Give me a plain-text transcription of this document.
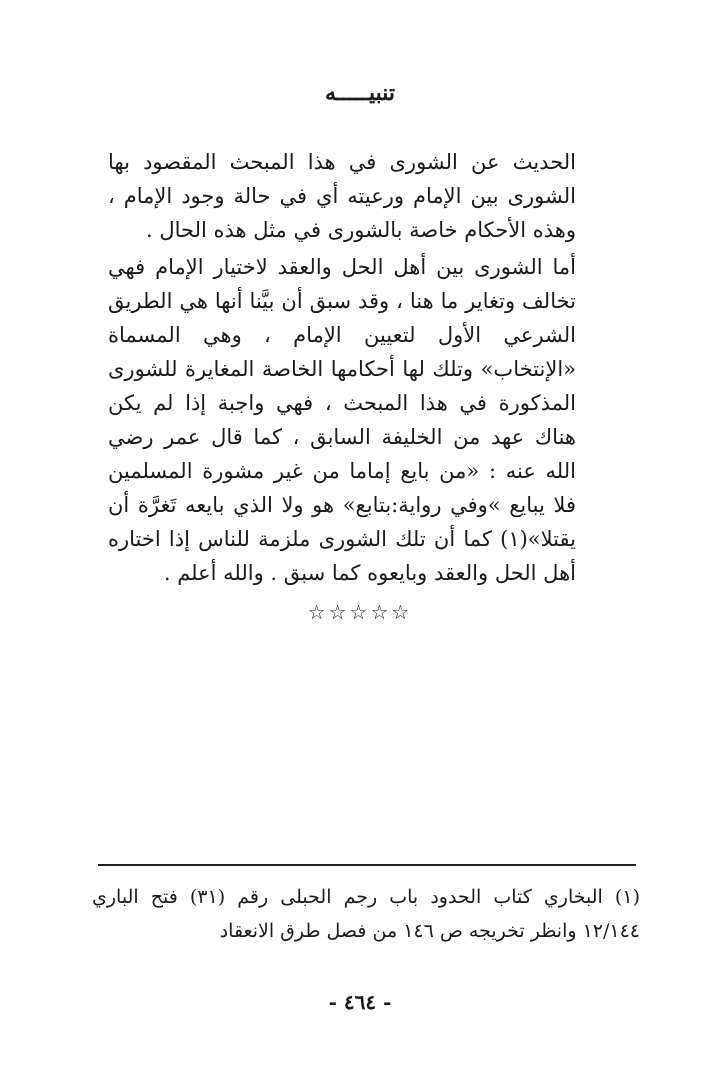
تنبيـــــه

الحديث عن الشورى في هذا المبحث المقصود بها الشورى بين الإمام ورعيته أي في حالة وجود الإمام ، وهذه الأحكام خاصة بالشورى في مثل هذه الحال .

أما الشورى بين أهل الحل والعقد لاختيار الإمام فهي تخالف وتغاير ما هنا ، وقد سبق أن بيَّنا أنها هي الطريق الشرعي الأول لتعيين الإمام ، وهي المسماة «الإنتخاب» وتلك لها أحكامها الخاصة المغايرة للشورى المذكورة في هذا المبحث ، فهي واجبة إذا لم يكن هناك عهد من الخليفة السابق ، كما قال عمر رضي الله عنه : «من بايع إماما من غير مشورة المسلمين فلا يبايع »وفي رواية:بتابع» هو ولا الذي بايعه تَغرَّة أن يقتلا»(١) كما أن تلك الشورى ملزمة للناس إذا اختاره أهل الحل والعقد وبايعوه كما سبق . والله أعلم .

☆☆☆☆☆

(١) البخاري كتاب الحدود باب رجم الحبلى رقم (٣١) فتح الباري ١٢/١٤٤ وانظر تخريجه ص ١٤٦ من فصل طرق الانعقاد

- ٤٦٤ -
